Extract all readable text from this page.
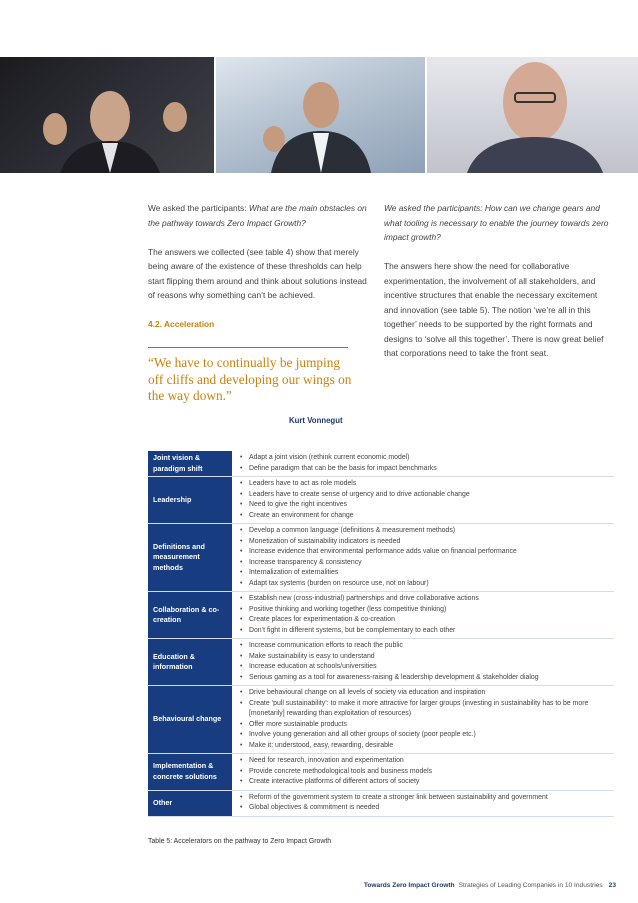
We asked the participants: What are the main obstacles on the pathway towards Zero Impact Growth?

The answers we collected (see table 4) show that merely being aware of the existence of these thresholds can help start flipping them around and think about solutions instead of reasons why something can’t be achieved.

4.2. Acceleration
“We have to continually be jumping off cliffs and developing our wings on the way down.”
Kurt Vonnegut

We asked the participants: How can we change gears and what tooling is necessary to enable the journey towards zero impact growth?

The answers here show the need for collaborative experimentation, the involvement of all stakeholders, and incentive structures that enable the necessary excitement and innovation (see table 5). The notion ‘we’re all in this together’ needs to be supported by the right formats and designs to ‘solve all this together’. There is now great belief that corporations need to take the front seat.

Joint vision & paradigm shift
• Adapt a joint vision (rethink current economic model)
• Define paradigm that can be the basis for impact benchmarks
Leadership
• Leaders have to act as role models
• Leaders have to create sense of urgency and to drive actionable change
• Need to give the right incentives
• Create an environment for change
Definitions and measurement methods
• Develop a common language (definitions & measurement methods)
• Monetization of sustainability indicators is needed
• Increase evidence that environmental performance adds value on financial performance
• Increase transparency & consistency
• Internalization of externalities
• Adapt tax systems (burden on resource use, not on labour)
Collaboration & co-creation
• Establish new (cross-industrial) partnerships and drive collaborative actions
• Positive thinking and working together (less competitive thinking)
• Create places for experimentation & co-creation
• Don’t fight in different systems, but be complementary to each other
Education & information
• Increase communication efforts to reach the public
• Make sustainability is easy to understand
• Increase education at schools/universities
• Serious gaming as a tool for awareness-raising & leadership development & stakeholder dialog
Behavioural change
• Drive behavioural change on all levels of society via education and inspiration
• Create ‘pull sustainability’: to make it more attractive for larger groups (investing in sustainability has to be more [monetarily] rewarding than exploitation of resources)
• Offer more sustainable products
• Involve young generation and all other groups of society (poor people etc.)
• Make it: understood, easy, rewarding, desirable
Implementation & concrete solutions
• Need for research, innovation and experimentation
• Provide concrete methodological tools and business models
• Create interactive platforms of different actors of society
Other
• Reform of the government system to create a stronger link between sustainability and government
• Global objectives & commitment is needed
Table 5: Accelerators on the pathway to Zero Impact Growth
Towards Zero Impact Growth Strategies of Leading Companies in 10 Industries 23
